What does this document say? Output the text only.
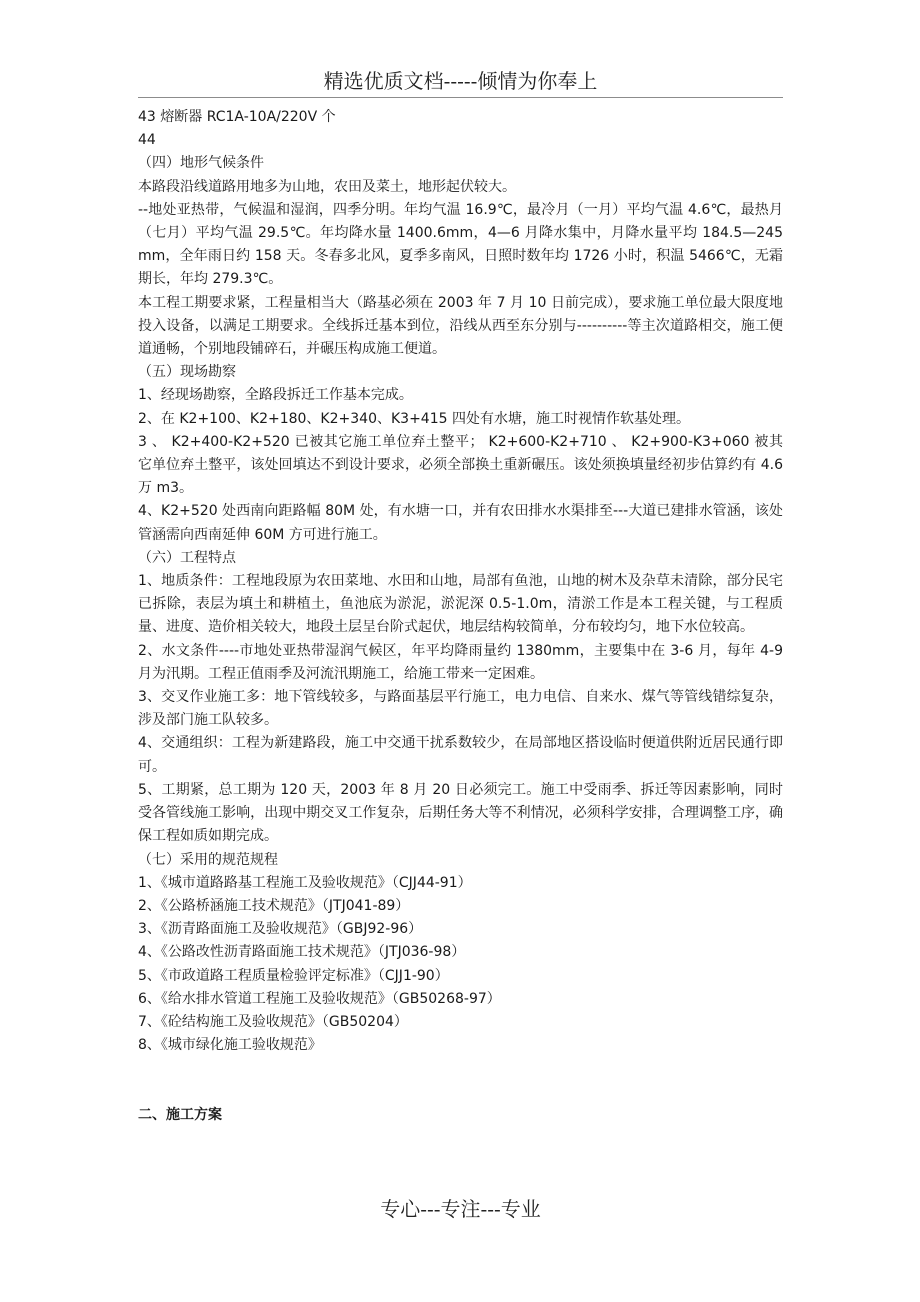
精选优质文档-----倾情为你奉上

43 熔断器 RC1A-10A/220V 个

44

（四）地形气候条件

本路段沿线道路用地多为山地，农田及菜土，地形起伏较大。

--地处亚热带，气候温和湿润，四季分明。年均气温 16.9℃，最冷月（一月）平均气温 4.6℃，最热月（七月）平均气温 29.5℃。年均降水量 1400.6mm，4—6 月降水集中，月降水量平均 184.5—245mm，全年雨日约 158 天。冬春多北风，夏季多南风，日照时数年均 1726 小时，积温 5466℃，无霜期长，年均 279.3℃。

本工程工期要求紧，工程量相当大（路基必须在 2003 年 7 月 10 日前完成），要求施工单位最大限度地投入设备，以满足工期要求。全线拆迁基本到位，沿线从西至东分别与----------等主次道路相交，施工便道通畅，个别地段铺碎石，并碾压构成施工便道。

（五）现场勘察

1、经现场勘察，全路段拆迁工作基本完成。

2、在 K2+100、K2+180、K2+340、K3+415 四处有水塘，施工时视情作软基处理。

3 、 K2+400-K2+520 已被其它施工单位弃土整平； K2+600-K2+710 、 K2+900-K3+060 被其它单位弃土整平，该处回填达不到设计要求，必须全部换土重新碾压。该处须换填量经初步估算约有 4.6 万 m3。

4、K2+520 处西南向距路幅 80M 处，有水塘一口，并有农田排水水渠排至---大道已建排水管涵，该处管涵需向西南延伸 60M 方可进行施工。

（六）工程特点

1、地质条件：工程地段原为农田菜地、水田和山地，局部有鱼池，山地的树木及杂草未清除，部分民宅已拆除，表层为填土和耕植土，鱼池底为淤泥，淤泥深 0.5-1.0m，清淤工作是本工程关键，与工程质量、进度、造价相关较大，地段土层呈台阶式起伏，地层结构较简单，分布较均匀，地下水位较高。

2、水文条件----市地处亚热带湿润气候区，年平均降雨量约 1380mm，主要集中在 3-6 月，每年 4-9 月为汛期。工程正值雨季及河流汛期施工，给施工带来一定困难。

3、交叉作业施工多：地下管线较多，与路面基层平行施工，电力电信、自来水、煤气等管线错综复杂，涉及部门施工队较多。

4、交通组织：工程为新建路段，施工中交通干扰系数较少，在局部地区搭设临时便道供附近居民通行即可。

5、工期紧，总工期为 120 天，2003 年 8 月 20 日必须完工。施工中受雨季、拆迁等因素影响，同时受各管线施工影响，出现中期交叉工作复杂，后期任务大等不利情况，必须科学安排，合理调整工序，确保工程如质如期完成。

（七）采用的规范规程

1、《城市道路路基工程施工及验收规范》（CJJ44-91）

2、《公路桥涵施工技术规范》（JTJ041-89）

3、《沥青路面施工及验收规范》（GBJ92-96）

4、《公路改性沥青路面施工技术规范》（JTJ036-98）

5、《市政道路工程质量检验评定标准》（CJJ1-90）

6、《给水排水管道工程施工及验收规范》（GB50268-97）

7、《砼结构施工及验收规范》（GB50204）

8、《城市绿化施工验收规范》

二、施工方案

专心---专注---专业
